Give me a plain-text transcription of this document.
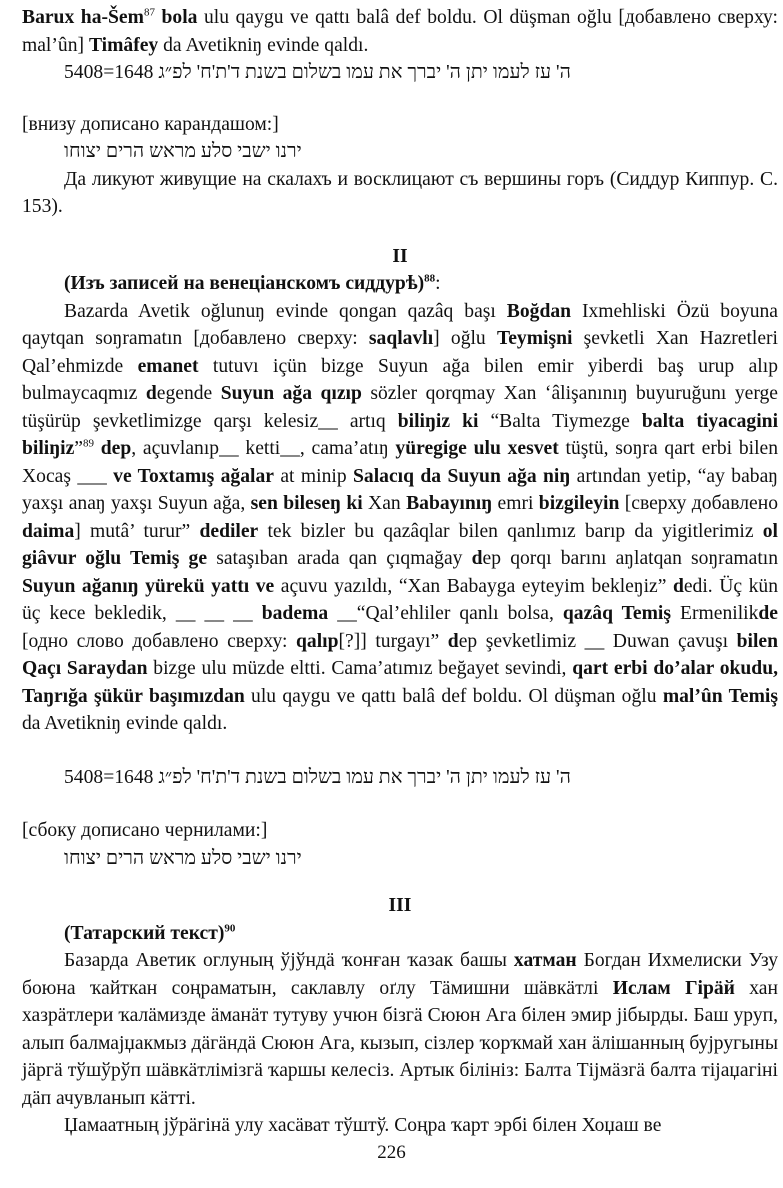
Barux ha-Šem$^{87}$ bola ulu qaygu ve qattı balâ def boldu. Ol düşman oğlu [добавлено сверху: mal’ûn] Timâfey da Avetikniŋ evinde qaldı.

ה' עז לעמו יתן ה' יברך את עמו בשלום בשנת ד'ת'ח' לפ״ג 1648=5408
[внизу дописано карандашом:]
ירנו ישבי סלע מראש הרים יצוחו

Да ликуют живущие на скалахъ и восклицают съ вершины горъ (Сиддур Киппур. С. 153).

II
(Изъ записей на венеціанскомъ сиддурѣ)$^{88}$:

Bazarda Avetik oğlunuŋ evinde qongan qazâq başı Boğdan Ixmehliski Özü boyuna qaytqan soŋramatın [добавлено сверху: saqlavlı] oğlu Teymişni şevketli Xan Hazretleri Qal’ehmizde emanet tutuvı içün bizge Suyun ağa bilen emir yiberdi baş urup alıp bulmaycaqmız degende Suyun ağa qızıp sözler qorqmay Xan ‘âlişanınıŋ buyuruğunı yerge tüşürüp şevketlimizge qarşı kelesiz__ artıq biliŋiz ki “Balta Tiymezge balta tiyacagini biliŋiz”$^{89}$ dep, açuvlanıp__ ketti__, cama’atıŋ yüregige ulu xesvet tüştü, soŋra qart erbi bilen Xocaş ___ ve Toxtamış ağalar at minip Salacıq da Suyun ağa niŋ artından yetip, “ay babaŋ yaxşı anaŋ yaxşı Suyun ağa, sen bileseŋ ki Xan Babayınıŋ emri bizgileyin [сверху добавлено daima] mutâ’ turur” dediler tek bizler bu qazâqlar bilen qanlımız barıp da yigitlerimiz ol giâvur oğlu Temiş ge sataşıban arada qan çıqmağay dep qorqı barını aŋlatqan soŋramatın Suyun ağanıŋ yürekü yattı ve açuvu yazıldı, “Xan Babayga eyteyim bekleŋiz” dedi. Üç kün üç kece bekledik, __ __ __ badema __“Qal’ehliler qanlı bolsa, qazâq Temiş Ermenilikde [одно слово добавлено сверху: qalıp[?]] turgayı” dep şevketlimiz __ Duwan çavuşı bilen Qaçı Saraydan bizge ulu müzde eltti. Cama’atımız beğayet sevindi, qart erbi do’alar okudu, Taŋrığa şükür başımızdan ulu qaygu ve qattı balâ def boldu. Ol düşman oğlu mal’ûn Temiş da Avetikniŋ evinde qaldı.

ה' עז לעמו יתן ה' יברך את עמו בשלום בשנת ד'ת'ח' לפ״ג 1648=5408
[сбоку дописано чернилами:]
ירנו ישבי סלע מראש הרים יצוחו
III
(Татарский текст)$^{90}$

Базарда Аветик оглуның ўјўндӓ ҡонған ҡазак башы хатман Богдан Ихмелиски Узу боюна ҡайткан соңраматын, саклавлу оґлу Тӓмишни шӓвкӓтлi Ислам Гiрӓй хан хазрӓтлери ҡалӓмизде ӓманӓт тутуву учюн бiзгӓ Сююн Ага бiлен эмир јiбырды. Баш уруп, алып балмајџакмыз дӓгӓндӓ Сююн Ага, кызып, сiзлер ҡорҡмай хан ӓлiшанның буjругыны jӓргӓ тўшўрўп шӓвкӓтлiмiзгӓ ҡаршы келесiз. Артык бiлiнiз: Балта Тiјмӓзгӓ балта тiјаџагiнi дӓп ачувланып кӓттi.

Џамаатның јўрӓгiнӓ улу хасӓват тўштў. Соңра ҡарт эрбi бiлен Хоџаш ве

226
